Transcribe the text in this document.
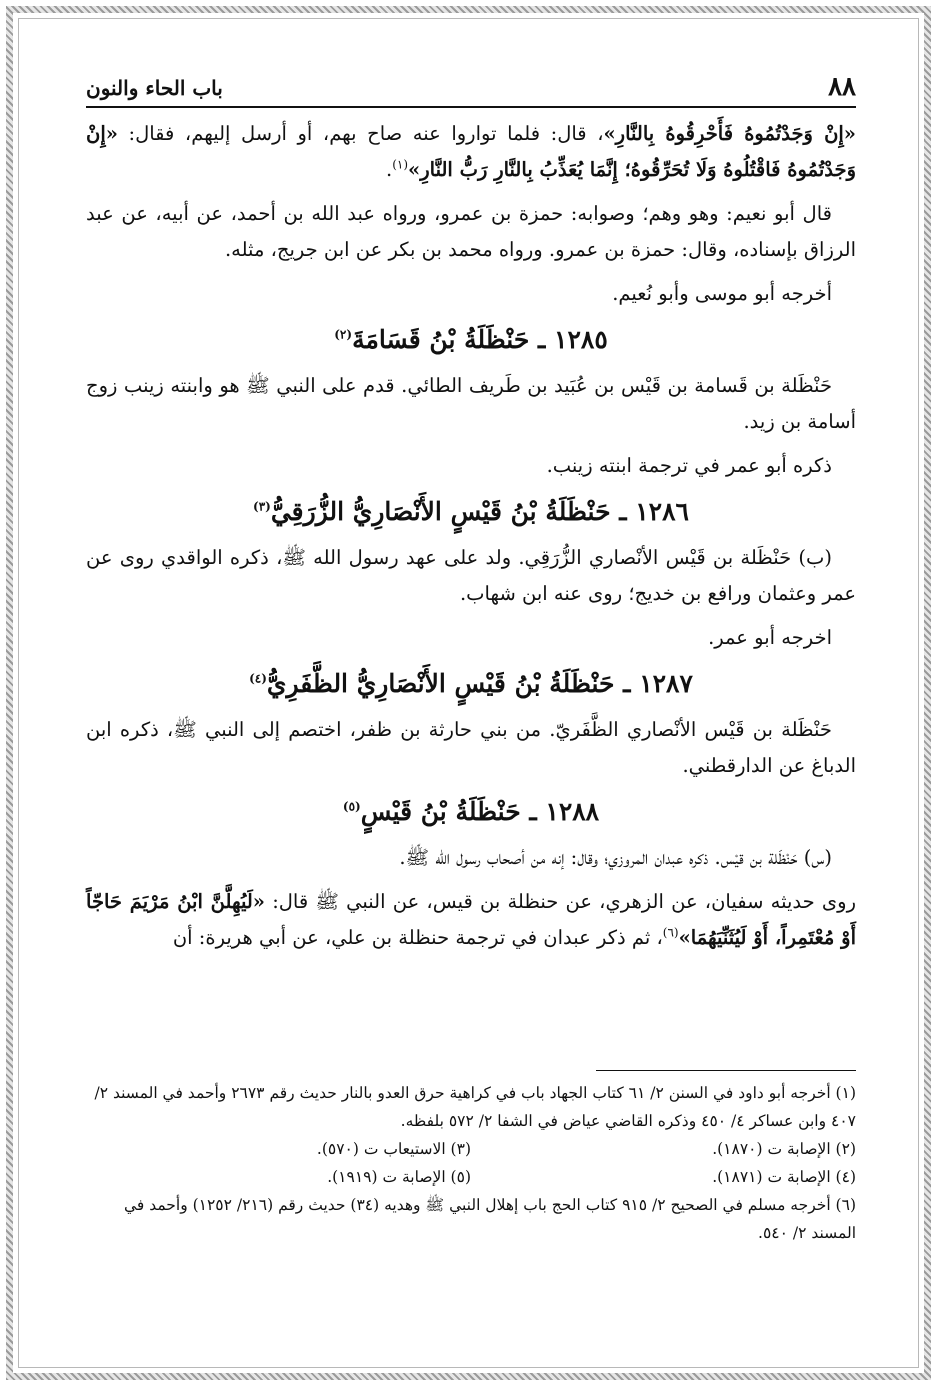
٨٨
باب الحاء والنون

«إِنْ وَجَدْتُمُوهُ فَأَحْرِقُوهُ بِالنَّارِ»، قال: فلما تواروا عنه صاح بهم، أو أرسل إليهم، فقال: «إِنْ وَجَدْتُمُوهُ فَاقْتُلُوهُ وَلَا تُحَرِّقُوهُ؛ إِنَّمَا يُعَذِّبُ بِالنَّارِ رَبُّ النَّارِ»$^{(١)}$.

قال أبو نعيم: وهو وهم؛ وصوابه: حمزة بن عمرو، ورواه عبد الله بن أحمد، عن أبيه، عن عبد الرزاق بإسناده، وقال: حمزة بن عمرو. ورواه محمد بن بكر عن ابن جريج، مثله.

أخرجه أبو موسى وأبو نُعيم.

١٢٨٥ ـ حَنْظَلَةُ بْنُ قَسَامَةَ$^{(٢)}$

حَنْظَلة بن قَسامة بن قَيْس بن عُبَيد بن طَريف الطائي. قدم على النبي ﷺ هو وابنته زينب زوج أسامة بن زيد.

ذكره أبو عمر في ترجمة ابنته زينب.

١٢٨٦ ـ حَنْظَلَةُ بْنُ قَيْسٍ الأَنْصَارِيُّ الزُّرَقِيُّ$^{(٣)}$

(ب) حَنْظَلة بن قَيْس الأنْصاري الزُّرَقِي. ولد على عهد رسول الله ﷺ، ذكره الواقدي روى عن عمر وعثمان ورافع بن خديج؛ روى عنه ابن شهاب.

اخرجه أبو عمر.

١٢٨٧ ـ حَنْظَلَةُ بْنُ قَيْسٍ الأَنْصَارِيُّ الظَّفَرِيُّ$^{(٤)}$

حَنْظَلة بن قَيْس الأنْصاري الظَّفَريّ. من بني حارثة بن ظفر، اختصم إلى النبي ﷺ، ذكره ابن الدباغ عن الدارقطني.

١٢٨٨ ـ حَنْظَلَةُ بْنُ قَيْسٍ$^{(٥)}$

(س) حَنْظَلة بن قيْس. ذكره عبدان المروزي؛ وقال: إنه من أصحاب رسول الله ﷺ.

روى حديثه سفيان، عن الزهري، عن حنظلة بن قيس، عن النبي ﷺ قال: «لَيُهِلَّنَّ ابْنُ مَرْيَمَ حَاجّاً أَوْ مُعْتَمِراً، أَوْ لَيُثَنِّيَهُمَا»$^{(٦)}$، ثم ذكر عبدان في ترجمة حنظلة بن علي، عن أبي هريرة: أن

(١) أخرجه أبو داود في السنن ٢/ ٦١ كتاب الجهاد باب في كراهية حرق العدو بالنار حديث رقم ٢٦٧٣ وأحمد في المسند ٢/ ٤٠٧ وابن عساكر ٤/ ٤٥٠ وذكره القاضي عياض في الشفا ٢/ ٥٧٢ بلفظه.

(٢) الإصابة ت (١٨٧٠).

(٣) الاستيعاب ت (٥٧٠).

(٤) الإصابة ت (١٨٧١).

(٥) الإصابة ت (١٩١٩).

(٦) أخرجه مسلم في الصحيح ٢/ ٩١٥ كتاب الحج باب إهلال النبي ﷺ وهديه (٣٤) حديث رقم (٢١٦/ ١٢٥٢) وأحمد في المسند ٢/ ٥٤٠.
